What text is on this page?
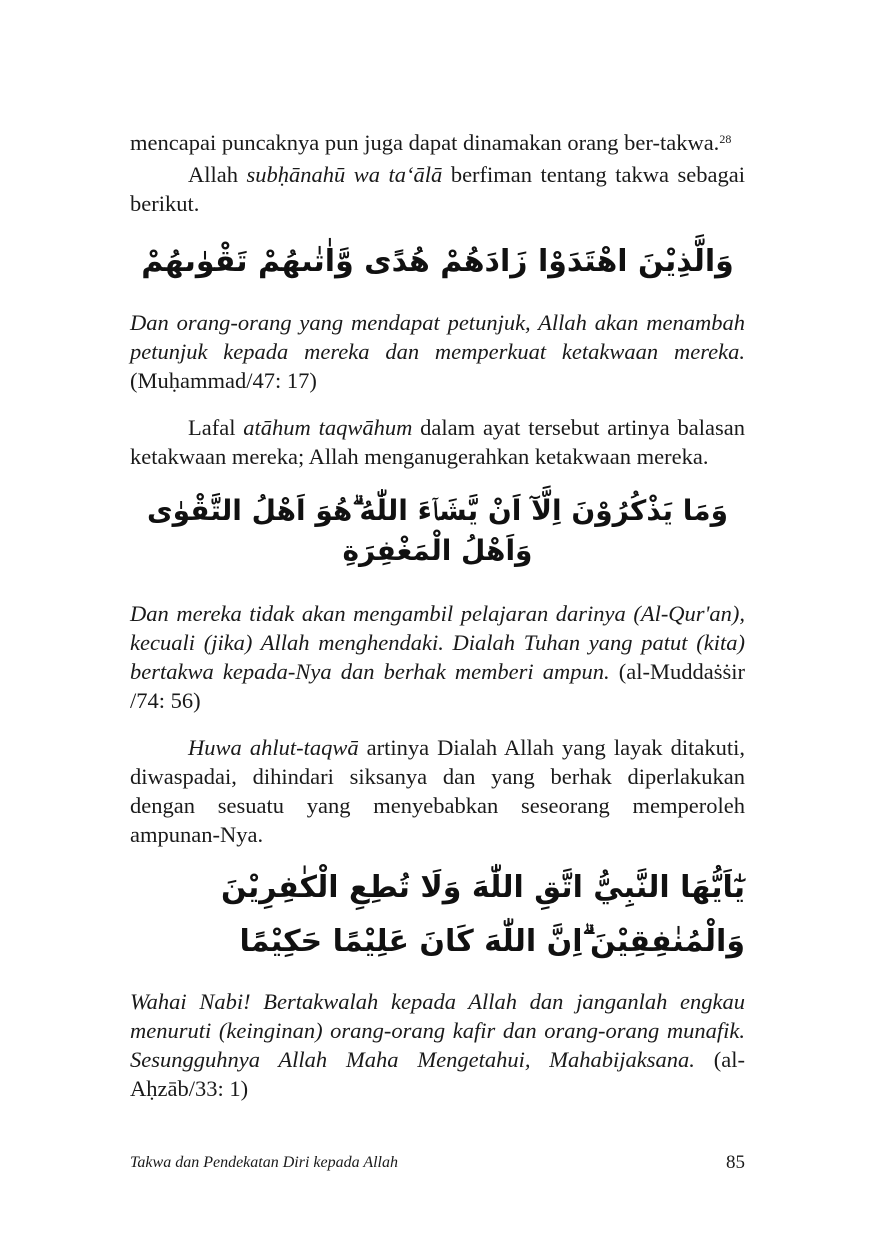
mencapai puncaknya pun juga dapat dinamakan orang ber-takwa.$^{28}$

Allah subḥānahū wa ta‘ālā berfiman tentang takwa sebagai berikut.

وَالَّذِيْنَ اهْتَدَوْا زَادَهُمْ هُدًى وَّاٰتٰىهُمْ تَقْوٰىهُمْ

Dan orang-orang yang mendapat petunjuk, Allah akan menambah petunjuk kepada mereka dan memperkuat ketakwaan mereka. (Muḥammad/47: 17)

Lafal atāhum taqwāhum dalam ayat tersebut artinya balasan ketakwaan mereka; Allah menganugerahkan ketakwaan mereka.

وَمَا يَذْكُرُوْنَ اِلَّآ اَنْ يَّشَاۤءَ اللّٰهُ ۗهُوَ اَهْلُ التَّقْوٰى وَاَهْلُ الْمَغْفِرَةِ

Dan mereka tidak akan mengambil pelajaran darinya (Al-Qur'an), kecuali (jika) Allah menghendaki. Dialah Tuhan yang patut (kita) bertakwa kepada-Nya dan berhak memberi ampun. (al-Muddaṡṡir /74: 56)

Huwa ahlut-taqwā artinya Dialah Allah yang layak ditakuti, diwaspadai, dihindari siksanya dan yang berhak diperlakukan dengan sesuatu yang menyebabkan seseorang memperoleh ampunan-Nya.

يٰٓاَيُّهَا النَّبِيُّ اتَّقِ اللّٰهَ وَلَا تُطِعِ الْكٰفِرِيْنَ وَالْمُنٰفِقِيْنَ ۗاِنَّ اللّٰهَ كَانَ عَلِيْمًا حَكِيْمًا

Wahai Nabi! Bertakwalah kepada Allah dan janganlah engkau menuruti (keinginan) orang-orang kafir dan orang-orang munafik. Sesungguhnya Allah Maha Mengetahui, Mahabijaksana. (al-Aḥzāb/33: 1)

Takwa dan Pendekatan Diri kepada Allah	85
